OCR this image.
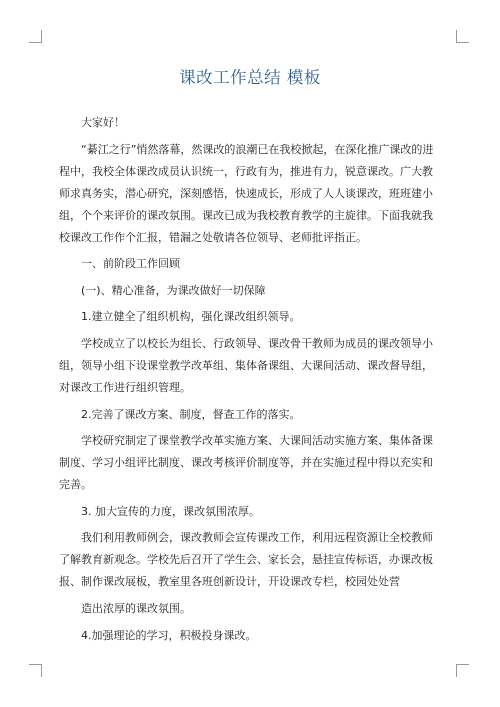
课改工作总结 模板

大家好！

“綦江之行”悄然落幕，然课改的浪潮已在我校掀起，在深化推广课改的进程中，我校全体课改成员认识统一，行政有为，推进有力，锐意课改。广大教师求真务实，潜心研究，深刻感悟，快速成长，形成了人人谈课改，班班建小组，个个来评价的课改氛围。课改已成为我校教育教学的主旋律。下面我就我校课改工作作个汇报，错漏之处敬请各位领导、老师批评指正。

一、前阶段工作回顾

(一)、精心准备，为课改做好一切保障

1.建立健全了组织机构，强化课改组织领导。

学校成立了以校长为组长、行政领导、课改骨干教师为成员的课改领导小组，领导小组下设课堂教学改革组、集体备课组、大课间活动、课改督导组，对课改工作进行组织管理。

2.完善了课改方案、制度，督查工作的落实。

学校研究制定了课堂教学改革实施方案、大课间活动实施方案、集体备课制度、学习小组评比制度、课改考核评价制度等，并在实施过程中得以充实和完善。

3. 加大宣传的力度，课改氛围浓厚。

我们利用教师例会，课改教师会宣传课改工作，利用远程资源让全校教师了解教育新观念。学校先后召开了学生会、家长会，悬挂宣传标语，办课改板报、制作课改展板，教室里各班创新设计，开设课改专栏，校园处处营

造出浓厚的课改氛围。

4.加强理论的学习，积极投身课改。
